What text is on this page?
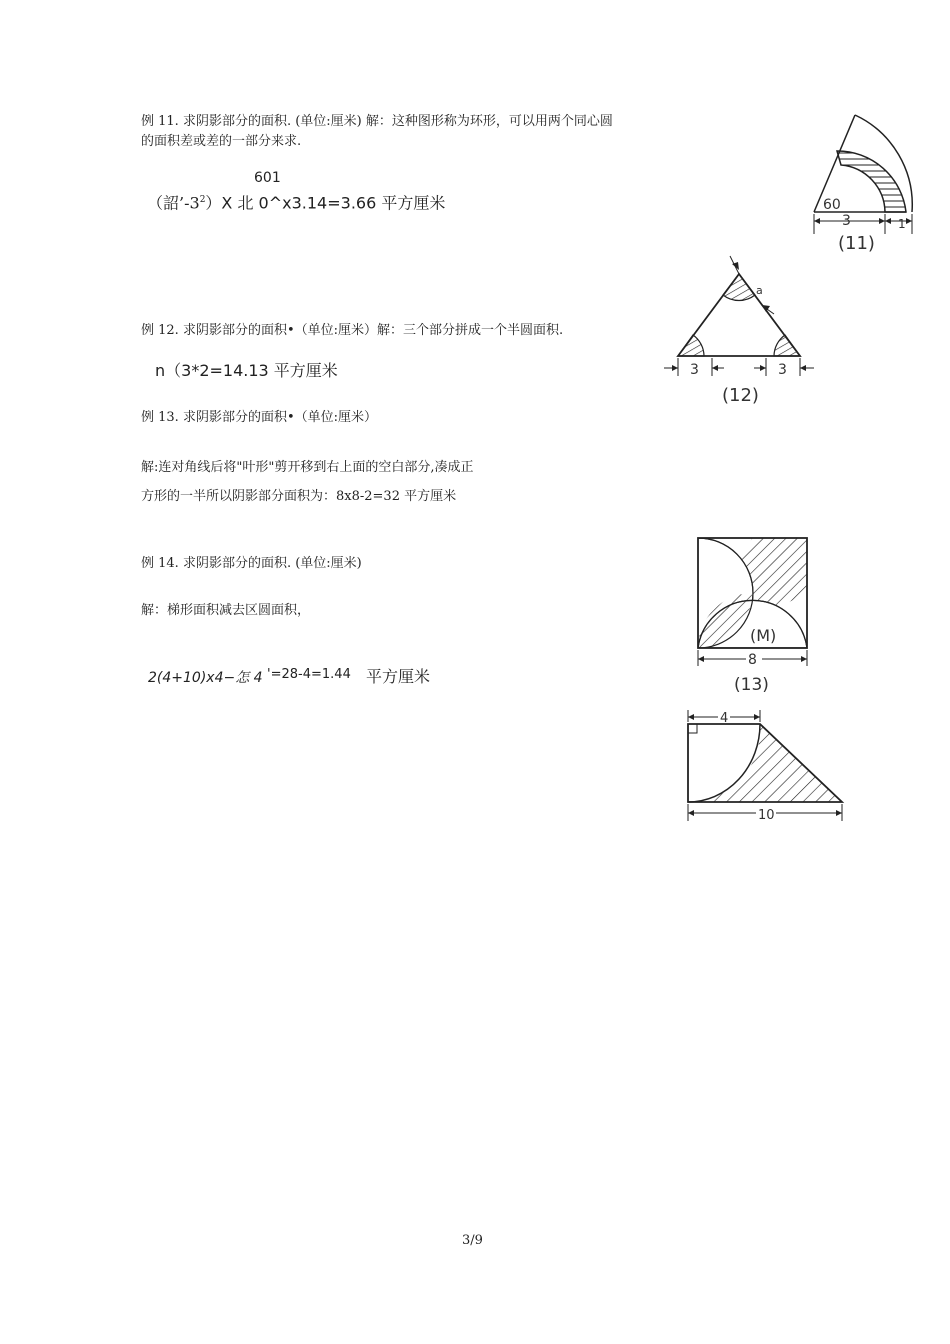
例 11. 求阴影部分的面积. (单位:厘米) 解：这种图形称为环形，可以用两个同心圆
的面积差或差的一部分来求.
601
（詔$’-3^2)X$ 北 0^x3.14=3.66 平方厘米	60
3	1
(11)
例 12. 求阴影部分的面积•（单位:厘米）解：三个部分拼成一个半圆面积.
n（3*2=14.13 平方厘米
a
3	3
(12)
例 13. 求阴影部分的面积•（单位:厘米）
解:连对角线后将"叶形"剪开移到右上面的空白部分,凑成正
方形的一半所以阴影部分面积为：8x8-2=32 平方厘米
8
(M)
(13)
例 14. 求阴影部分的面积. (单位:厘米)
解：梯形面积减去区圆面积，
2(4+10)x4−怎 4 '=28-4=1.44 平方厘米
4
10
3/9
